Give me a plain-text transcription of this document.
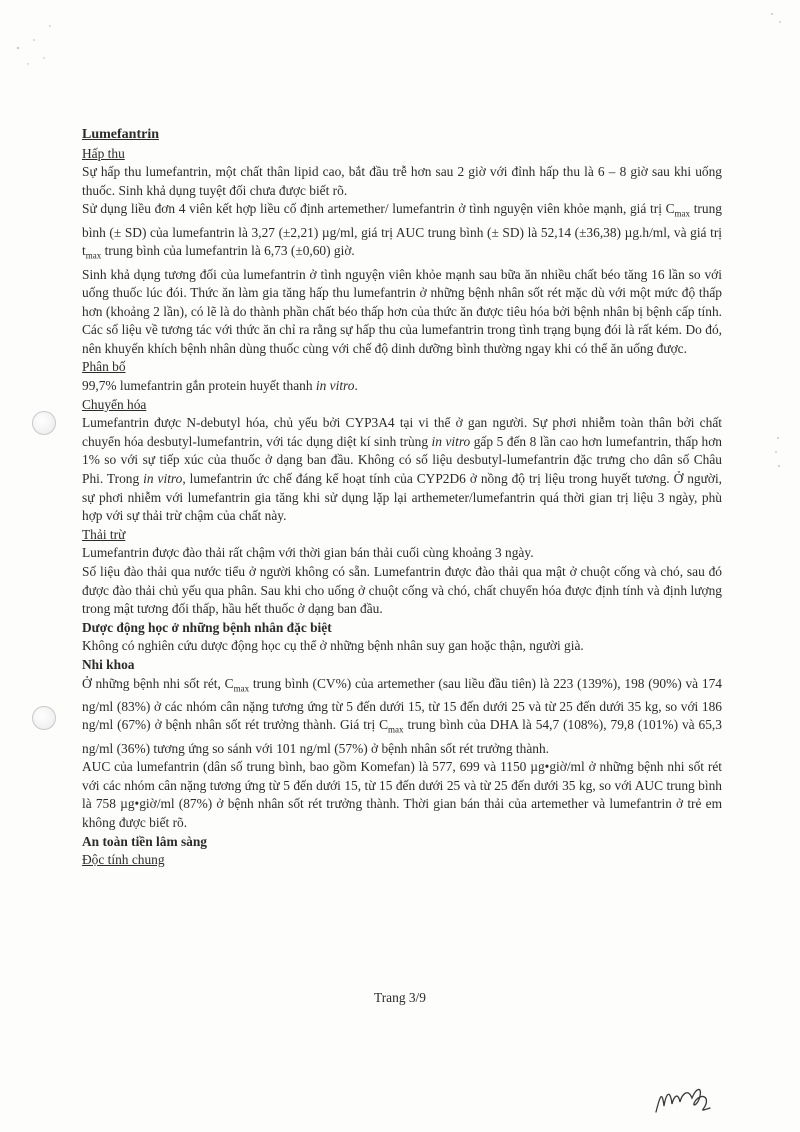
Lumefantrin

Hấp thu

Sự hấp thu lumefantrin, một chất thân lipid cao, bắt đầu trễ hơn sau 2 giờ với đỉnh hấp thu là 6 – 8 giờ sau khi uống thuốc. Sinh khả dụng tuyệt đối chưa được biết rõ.

Sử dụng liều đơn 4 viên kết hợp liều cố định artemether/ lumefantrin ở tình nguyện viên khỏe mạnh, giá trị $C_{max}$ trung bình (± SD) của lumefantrin là 3,27 (±2,21) µg/ml, giá trị AUC trung bình (± SD) là 52,14 (±36,38) µg.h/ml, và giá trị $t_{max}$ trung bình của lumefantrin là 6,73 (±0,60) giờ.

Sinh khả dụng tương đối của lumefantrin ở tình nguyện viên khỏe mạnh sau bữa ăn nhiều chất béo tăng 16 lần so với uống thuốc lúc đói. Thức ăn làm gia tăng hấp thu lumefantrin ở những bệnh nhân sốt rét mặc dù với một mức độ thấp hơn (khoảng 2 lần), có lẽ là do thành phần chất béo thấp hơn của thức ăn được tiêu hóa bởi bệnh nhân bị bệnh cấp tính. Các số liệu về tương tác với thức ăn chỉ ra rằng sự hấp thu của lumefantrin trong tình trạng bụng đói là rất kém. Do đó, nên khuyến khích bệnh nhân dùng thuốc cùng với chế độ dinh dưỡng bình thường ngay khi có thể ăn uống được.

Phân bố

99,7% lumefantrin gắn protein huyết thanh in vitro.

Chuyển hóa

Lumefantrin được N-debutyl hóa, chủ yếu bởi CYP3A4 tại vi thể ở gan người. Sự phơi nhiễm toàn thân bởi chất chuyển hóa desbutyl-lumefantrin, với tác dụng diệt kí sinh trùng in vitro gấp 5 đến 8 lần cao hơn lumefantrin, thấp hơn 1% so với sự tiếp xúc của thuốc ở dạng ban đầu. Không có số liệu desbutyl-lumefantrin đặc trưng cho dân số Châu Phi. Trong in vitro, lumefantrin ức chế đáng kể hoạt tính của CYP2D6 ở nồng độ trị liệu trong huyết tương. Ở người, sự phơi nhiễm với lumefantrin gia tăng khi sử dụng lặp lại arthemeter/lumefantrin quá thời gian trị liệu 3 ngày, phù hợp với sự thải trừ chậm của chất này.

Thải trừ

Lumefantrin được đào thải rất chậm với thời gian bán thải cuối cùng khoảng 3 ngày.

Số liệu đào thải qua nước tiểu ở người không có sẵn. Lumefantrin được đào thải qua mật ở chuột cống và chó, sau đó được đào thải chủ yếu qua phân. Sau khi cho uống ở chuột cống và chó, chất chuyển hóa được định tính và định lượng trong mật tương đối thấp, hầu hết thuốc ở dạng ban đầu.

Dược động học ở những bệnh nhân đặc biệt

Không có nghiên cứu dược động học cụ thể ở những bệnh nhân suy gan hoặc thận, người già.

Nhi khoa

Ở những bệnh nhi sốt rét, $C_{max}$ trung bình (CV%) của artemether (sau liều đầu tiên) là 223 (139%), 198 (90%) và 174 ng/ml (83%) ở các nhóm cân nặng tương ứng từ 5 đến dưới 15, từ 15 đến dưới 25 và từ 25 đến dưới 35 kg, so với 186 ng/ml (67%) ở bệnh nhân sốt rét trưởng thành. Giá trị $C_{max}$ trung bình của DHA là 54,7 (108%), 79,8 (101%) và 65,3 ng/ml (36%) tương ứng so sánh với 101 ng/ml (57%) ở bệnh nhân sốt rét trưởng thành.

AUC của lumefantrin (dân số trung bình, bao gồm Komefan) là 577, 699 và 1150 µg•giờ/ml ở những bệnh nhi sốt rét với các nhóm cân nặng tương ứng từ 5 đến dưới 15, từ 15 đến dưới 25 và từ 25 đến dưới 35 kg, so với AUC trung bình là 758 µg•giờ/ml (87%) ở bệnh nhân sốt rét trưởng thành. Thời gian bán thải của artemether và lumefantrin ở trẻ em không được biết rõ.

An toàn tiền lâm sàng

Độc tính chung

Trang 3/9
